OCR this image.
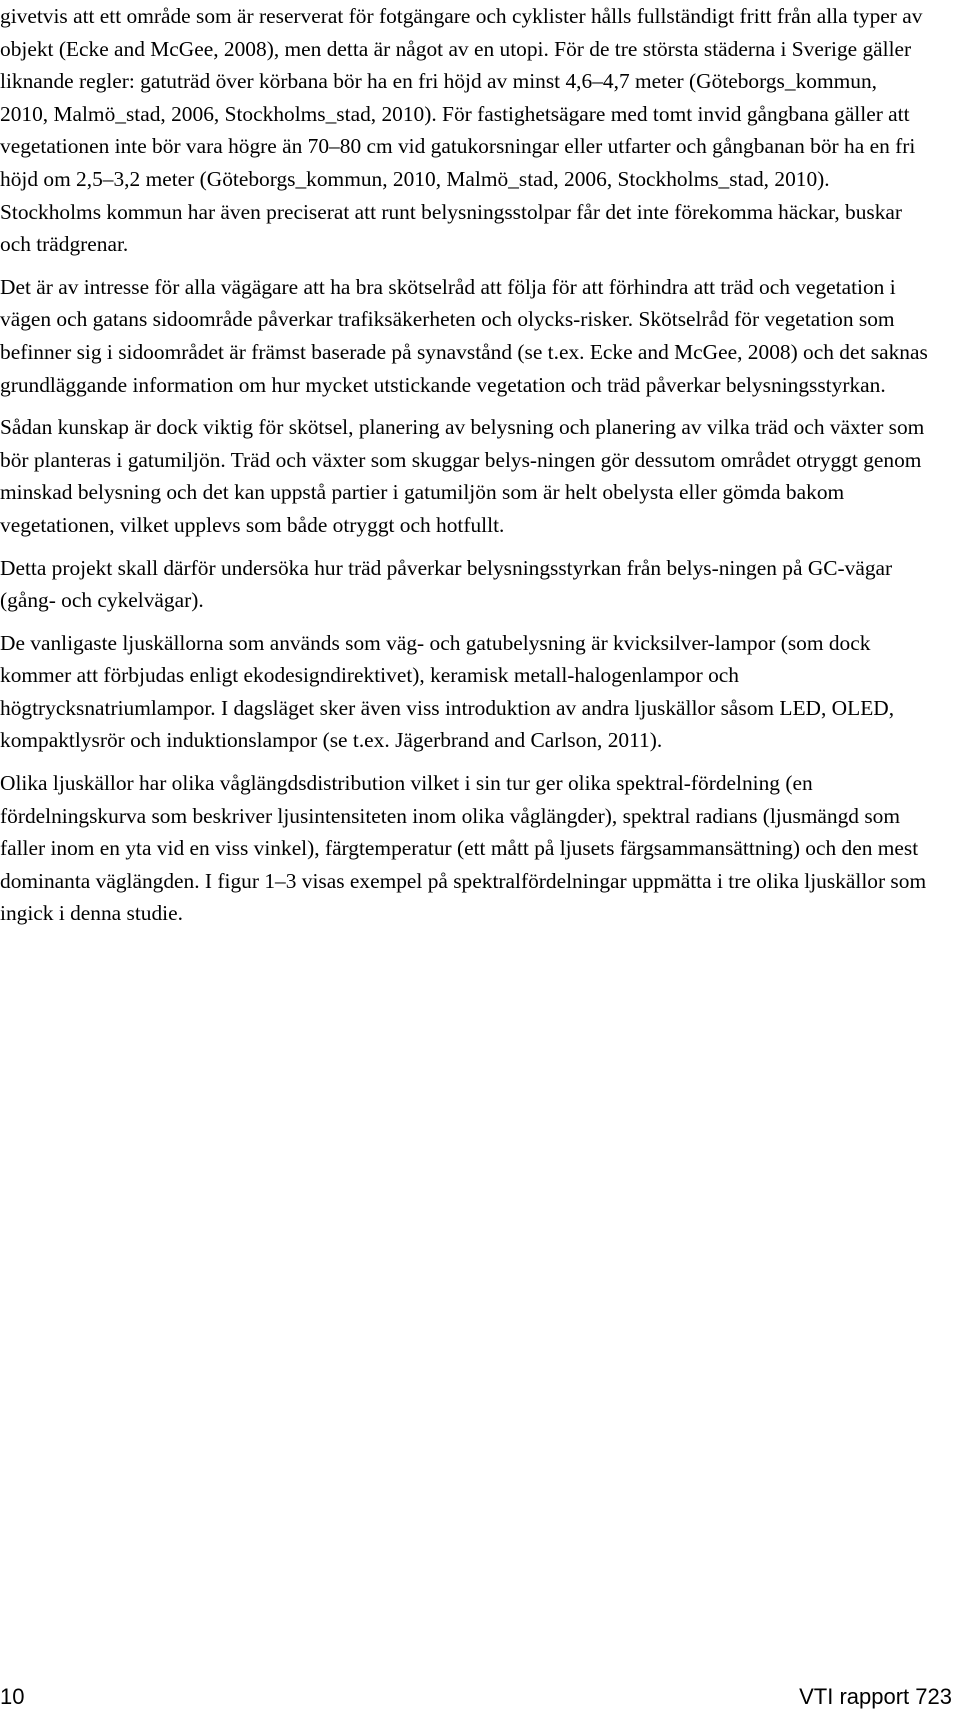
givetvis att ett område som är reserverat för fotgängare och cyklister hålls fullständigt fritt från alla typer av objekt (Ecke and McGee, 2008), men detta är något av en utopi. För de tre största städerna i Sverige gäller liknande regler: gatuträd över körbana bör ha en fri höjd av minst 4,6–4,7 meter (Göteborgs_kommun, 2010, Malmö_stad, 2006, Stockholms_stad, 2010). För fastighetsägare med tomt invid gångbana gäller att vegetationen inte bör vara högre än 70–80 cm vid gatukorsningar eller utfarter och gångbanan bör ha en fri höjd om 2,5–3,2 meter (Göteborgs_kommun, 2010, Malmö_stad, 2006, Stockholms_stad, 2010). Stockholms kommun har även preciserat att runt belysningsstolpar får det inte förekomma häckar, buskar och trädgrenar.

Det är av intresse för alla vägägare att ha bra skötselråd att följa för att förhindra att träd och vegetation i vägen och gatans sidoområde påverkar trafiksäkerheten och olycks-risker. Skötselråd för vegetation som befinner sig i sidoområdet är främst baserade på synavstånd (se t.ex. Ecke and McGee, 2008) och det saknas grundläggande information om hur mycket utstickande vegetation och träd påverkar belysningsstyrkan.

Sådan kunskap är dock viktig för skötsel, planering av belysning och planering av vilka träd och växter som bör planteras i gatumiljön. Träd och växter som skuggar belys-ningen gör dessutom området otryggt genom minskad belysning och det kan uppstå partier i gatumiljön som är helt obelysta eller gömda bakom vegetationen, vilket upplevs som både otryggt och hotfullt.

Detta projekt skall därför undersöka hur träd påverkar belysningsstyrkan från belys-ningen på GC-vägar (gång- och cykelvägar).

De vanligaste ljuskällorna som används som väg- och gatubelysning är kvicksilver-lampor (som dock kommer att förbjudas enligt ekodesigndirektivet), keramisk metall-halogenlampor och högtrycksnatriumlampor. I dagsläget sker även viss introduktion av andra ljuskällor såsom LED, OLED, kompaktlysrör och induktionslampor (se t.ex. Jägerbrand and Carlson, 2011).

Olika ljuskällor har olika våglängdsdistribution vilket i sin tur ger olika spektral-fördelning (en fördelningskurva som beskriver ljusintensiteten inom olika våglängder), spektral radians (ljusmängd som faller inom en yta vid en viss vinkel), färgtemperatur (ett mått på ljusets färgsammansättning) och den mest dominanta väglängden. I figur 1–3 visas exempel på spektralfördelningar uppmätta i tre olika ljuskällor som ingick i denna studie.

10	VTI rapport 723
